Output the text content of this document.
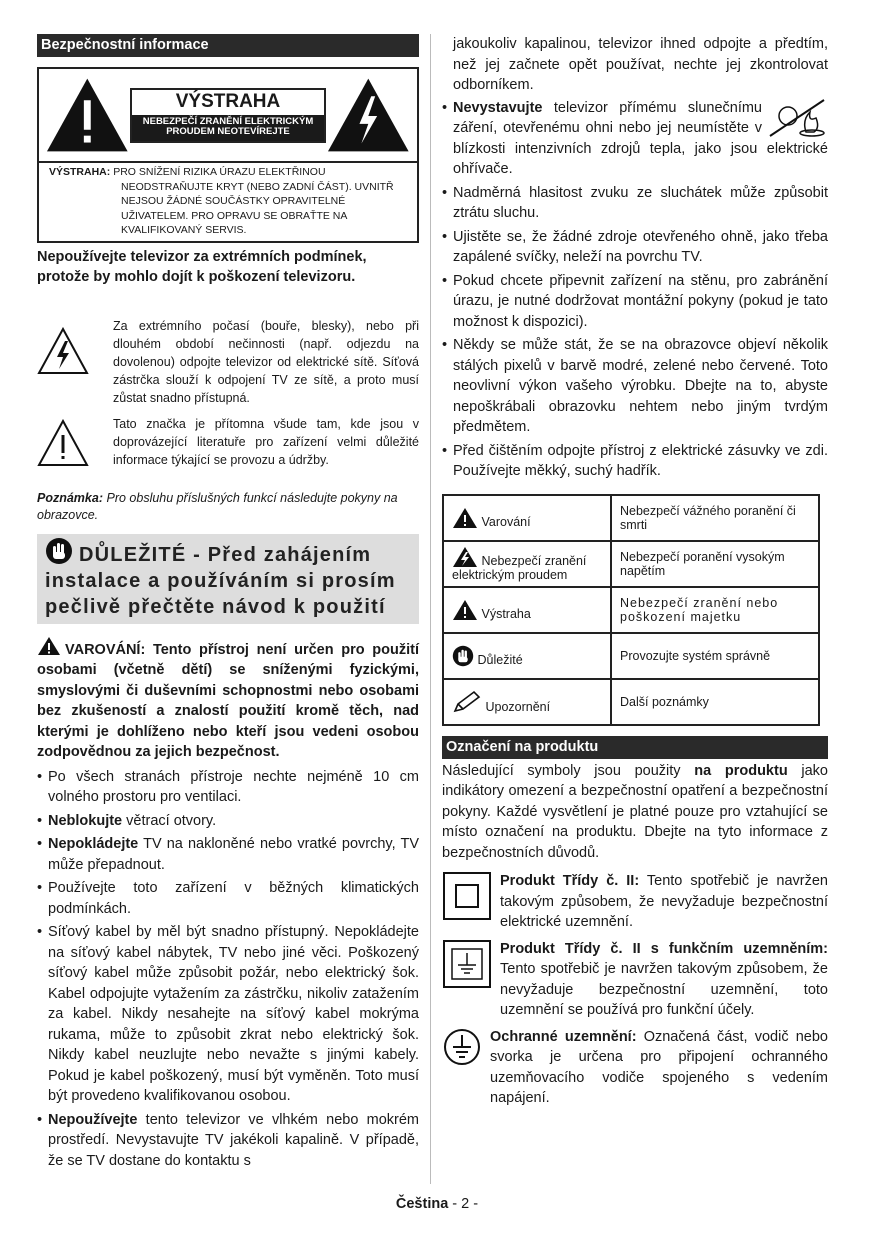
Bezpečnostní informace
VÝSTRAHA
NEBEZPEČÍ ZRANĚNÍ ELEKTRICKÝM PROUDEM NEOTEVÍREJTE
VÝSTRAHA: PRO SNÍŽENÍ RIZIKA ÚRAZU ELEKTŘINOU
NEODSTRAŇUJTE KRYT (NEBO ZADNÍ ČÁST). UVNITŘ NEJSOU ŽÁDNÉ SOUČÁSTKY OPRAVITELNÉ UŽIVATELEM. PRO OPRAVU SE OBRAŤTE NA KVALIFIKOVANÝ SERVIS.

Nepoužívejte televizor za extrémních podmínek, protože by mohlo dojít k poškození televizoru.

Za extrémního počasí (bouře, blesky), nebo při dlouhém období nečinnosti (např. odjezdu na dovolenou) odpojte televizor od elektrické sítě. Síťová zástrčka slouží k odpojení TV ze sítě, a proto musí zůstat snadno přístupná.
Tato značka je přítomna všude tam, kde jsou v doprovázející literatuře pro zařízení velmi důležité informace týkající se provozu a údržby.

Poznámka: Pro obsluhu příslušných funkcí následujte pokyny na obrazovce.

DŮLEŽITÉ - Před zahájením instalace a používáním si prosím pečlivě přečtěte návod k použití

VAROVÁNÍ: Tento přístroj není určen pro použití osobami (včetně dětí) se sníženými fyzickými, smyslovými či duševními schopnostmi nebo osobami bez zkušeností a znalostí použití kromě těch, nad kterými je dohlíženo nebo kteří jsou vedeni osobou zodpovědnou za jejich bezpečnost.

• Po všech stranách přístroje nechte nejméně 10 cm volného prostoru pro ventilaci.
• Neblokujte větrací otvory.
• Nepokládejte TV na nakloněné nebo vratké povrchy, TV může přepadnout.
• Používejte toto zařízení v běžných klimatických podmínkách.
• Síťový kabel by měl být snadno přístupný. Nepokládejte na síťový kabel nábytek, TV nebo jiné věci. Poškozený síťový kabel může způsobit požár, nebo elektrický šok. Kabel odpojujte vytažením za zástrčku, nikoliv zatažením za kabel. Nikdy nesahejte na síťový kabel mokrýma rukama, může to způsobit zkrat nebo elektrický šok. Nikdy kabel neuzlujte nebo nevažte s jinými kabely. Pokud je kabel poškozený, musí být vyměněn. Toto musí být provedeno kvalifikovanou osobou.
• Nepoužívejte tento televizor ve vlhkém nebo mokrém prostředí. Nevystavujte TV jakékoli kapalině. V případě, že se TV dostane do kontaktu s

jakoukoliv kapalinou, televizor ihned odpojte a předtím, než jej začnete opět používat, nechte jej zkontrolovat odborníkem.

• Nevystavujte televizor přímému slunečnímu záření, otevřenému ohni nebo jej neumístěte v blízkosti intenzivních zdrojů tepla, jako jsou elektrické ohřívače.
• Nadměrná hlasitost zvuku ze sluchátek může způsobit ztrátu sluchu.
• Ujistěte se, že žádné zdroje otevřeného ohně, jako třeba zapálené svíčky, neleží na povrchu TV.
• Pokud chcete připevnit zařízení na stěnu, pro zabránění úrazu, je nutné dodržovat montážní pokyny (pokud je tato možnost k dispozici).
• Někdy se může stát, že se na obrazovce objeví několik stálých pixelů v barvě modré, zelené nebo červené. Toto neovlivní výkon vašeho výrobku. Dbejte na to, abyste nepoškrábali obrazovku nehtem nebo jiným tvrdým předmětem.
• Před čištěním odpojte přístroj z elektrické zásuvky ve zdi. Používejte měkký, suchý hadřík.
Varování	Nebezpečí vážného poranění či smrti
Nebezpečí zranění elektrickým proudem	Nebezpečí poranění vysokým napětím
Výstraha	Nebezpečí zranění nebo poškození majetku
Důležité	Provozujte systém správně
Upozornění	Další poznámky
Označení na produktu

Následující symboly jsou použity na produktu jako indikátory omezení a bezpečnostní opatření a bezpečnostní pokyny. Každé vysvětlení je platné pouze pro vztahující se místo označení na produktu. Dbejte na tyto informace z bezpečnostních důvodů.

Produkt Třídy č. II: Tento spotřebič je navržen takovým způsobem, že nevyžaduje bezpečnostní elektrické uzemnění.
Produkt Třídy č. II s funkčním uzemněním: Tento spotřebič je navržen takovým způsobem, že nevyžaduje bezpečnostní uzemnění, toto uzemnění se používá pro funkční účely.
Ochranné uzemnění: Označená část, vodič nebo svorka je určena pro připojení ochranného uzemňovacího vodiče spojeného s vedením napájení.
Čeština - 2 -
